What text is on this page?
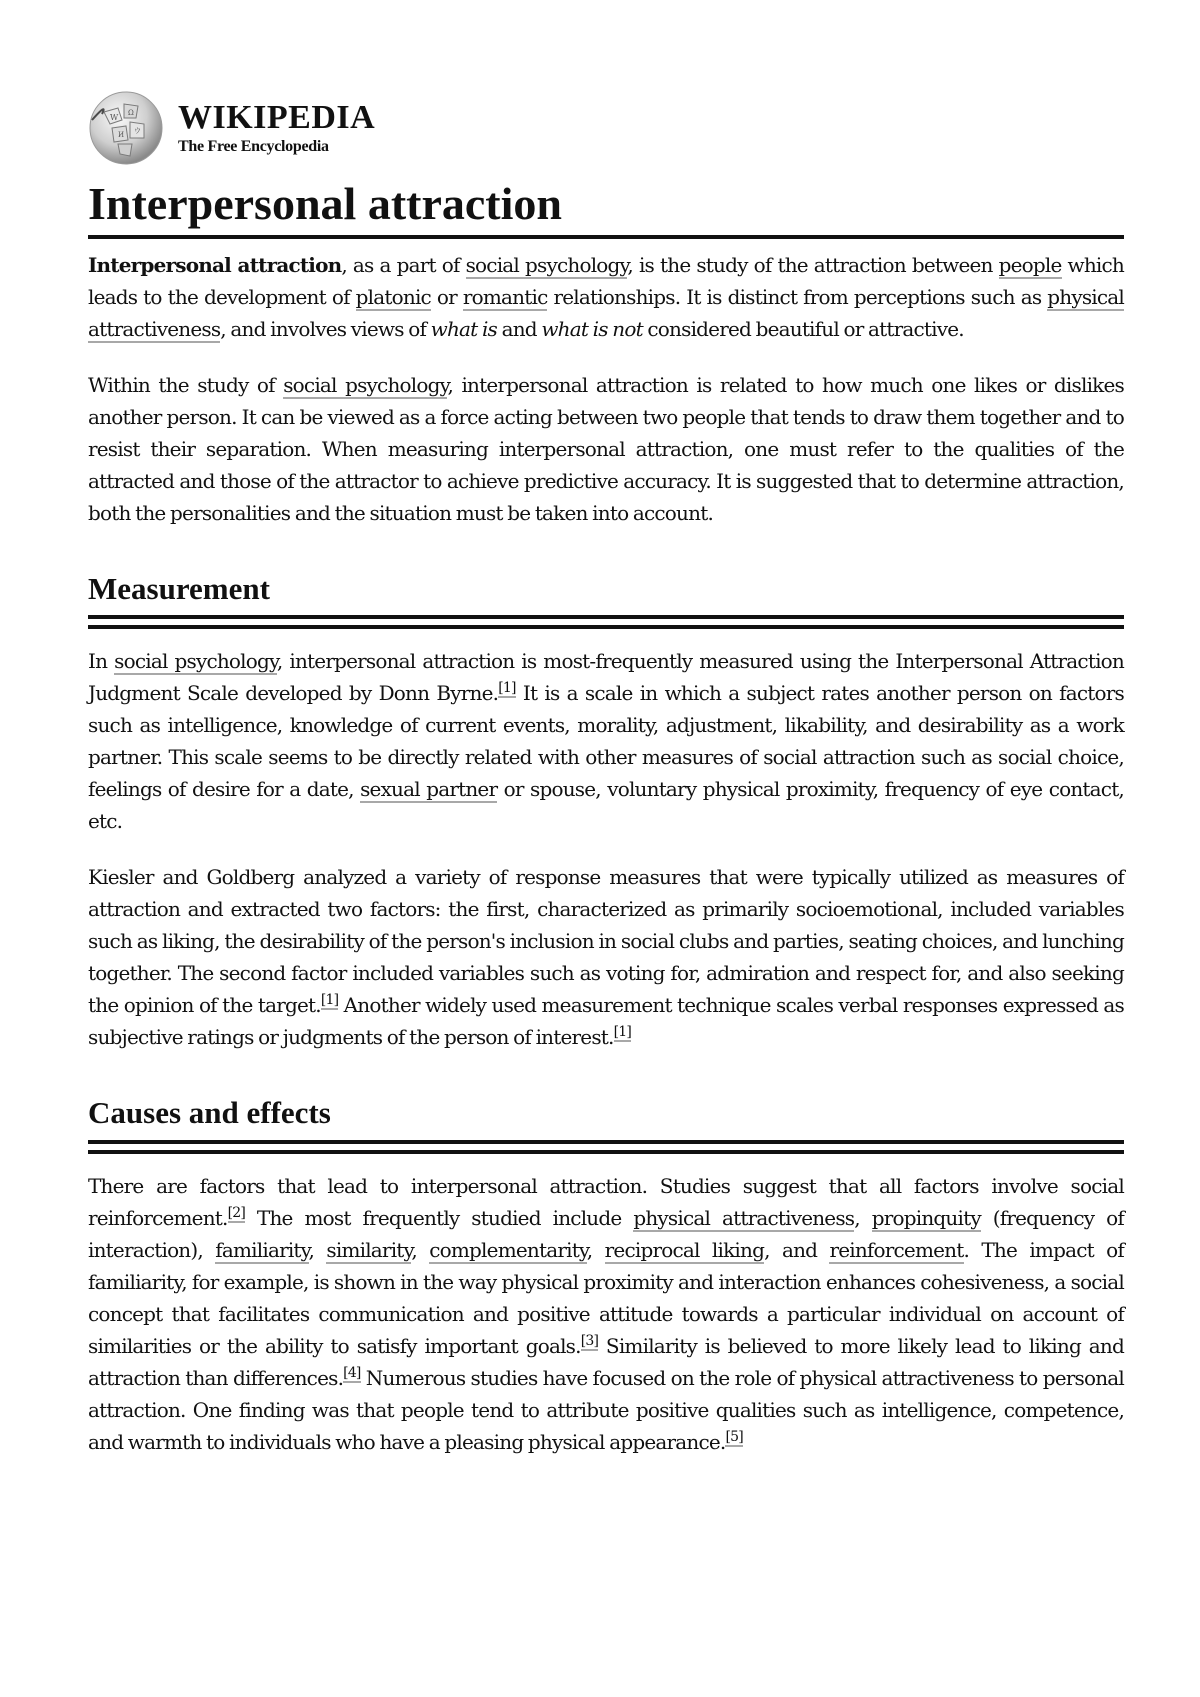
W Ω
И ウ WIKIPEDIA
The Free Encyclopedia
Interpersonal attraction

Interpersonal attraction, as a part of social psychology, is the study of the attraction between people which leads to the development of platonic or romantic relationships. It is distinct from perceptions such as physical attractiveness, and involves views of what is and what is not considered beautiful or attractive.

Within the study of social psychology, interpersonal attraction is related to how much one likes or dislikes another person. It can be viewed as a force acting between two people that tends to draw them together and to resist their separation. When measuring interpersonal attraction, one must refer to the qualities of the attracted and those of the attractor to achieve predictive accuracy. It is suggested that to determine attraction, both the personalities and the situation must be taken into account.

Measurement

In social psychology, interpersonal attraction is most-frequently measured using the Interpersonal Attraction Judgment Scale developed by Donn Byrne.[1] It is a scale in which a subject rates another person on factors such as intelligence, knowledge of current events, morality, adjustment, likability, and desirability as a work partner. This scale seems to be directly related with other measures of social attraction such as social choice, feelings of desire for a date, sexual partner or spouse, voluntary physical proximity, frequency of eye contact, etc.

Kiesler and Goldberg analyzed a variety of response measures that were typically utilized as measures of attraction and extracted two factors: the first, characterized as primarily socioemotional, included variables such as liking, the desirability of the person's inclusion in social clubs and parties, seating choices, and lunching together. The second factor included variables such as voting for, admiration and respect for, and also seeking the opinion of the target.[1] Another widely used measurement technique scales verbal responses expressed as subjective ratings or judgments of the person of interest.[1]

Causes and effects

There are factors that lead to interpersonal attraction. Studies suggest that all factors involve social reinforcement.[2] The most frequently studied include physical attractiveness, propinquity (frequency of interaction), familiarity, similarity, complementarity, reciprocal liking, and reinforcement. The impact of familiarity, for example, is shown in the way physical proximity and interaction enhances cohesiveness, a social concept that facilitates communication and positive attitude towards a particular individual on account of similarities or the ability to satisfy important goals.[3] Similarity is believed to more likely lead to liking and attraction than differences.[4] Numerous studies have focused on the role of physical attractiveness to personal attraction. One finding was that people tend to attribute positive qualities such as intelligence, competence, and warmth to individuals who have a pleasing physical appearance.[5]
